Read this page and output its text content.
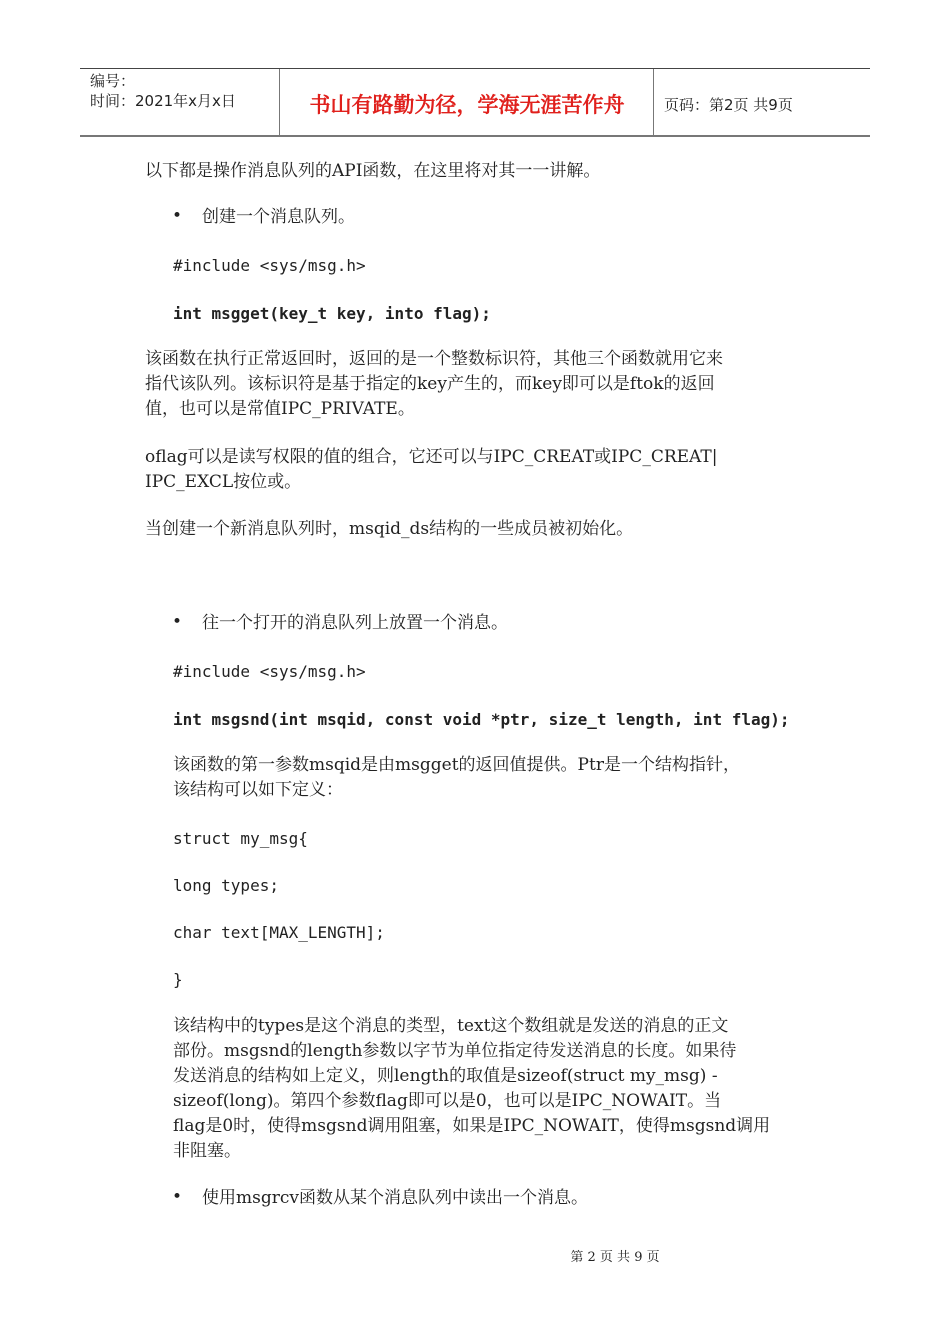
编号：
时间：2021年x月x日	书山有路勤为径，学海无涯苦作舟	页码：第2页 共9页
以下都是操作消息队列的API函数，在这里将对其一一讲解。
• 创建一个消息队列。
#include <sys/msg.h>
int msgget(key_t key, into flag);
该函数在执行正常返回时，返回的是一个整数标识符，其他三个函数就用它来
指代该队列。该标识符是基于指定的key产生的，而key即可以是ftok的返回
值，也可以是常值IPC_PRIVATE。
oflag可以是读写权限的值的组合，它还可以与IPC_CREAT或IPC_CREAT|
IPC_EXCL按位或。
当创建一个新消息队列时，msqid_ds结构的一些成员被初始化。
• 往一个打开的消息队列上放置一个消息。
#include <sys/msg.h>
int msgsnd(int msqid, const void *ptr, size_t length, int flag);
该函数的第一参数msqid是由msgget的返回值提供。Ptr是一个结构指针，
该结构可以如下定义：
struct my_msg{
long types;
char text[MAX_LENGTH];
}
该结构中的types是这个消息的类型，text这个数组就是发送的消息的正文
部份。msgsnd的length参数以字节为单位指定待发送消息的长度。如果待
发送消息的结构如上定义，则length的取值是sizeof(struct my_msg) -
sizeof(long)。第四个参数flag即可以是0，也可以是IPC_NOWAIT。当
flag是0时，使得msgsnd调用阻塞，如果是IPC_NOWAIT，使得msgsnd调用
非阻塞。
• 使用msgrcv函数从某个消息队列中读出一个消息。
第 2 页 共 9 页
